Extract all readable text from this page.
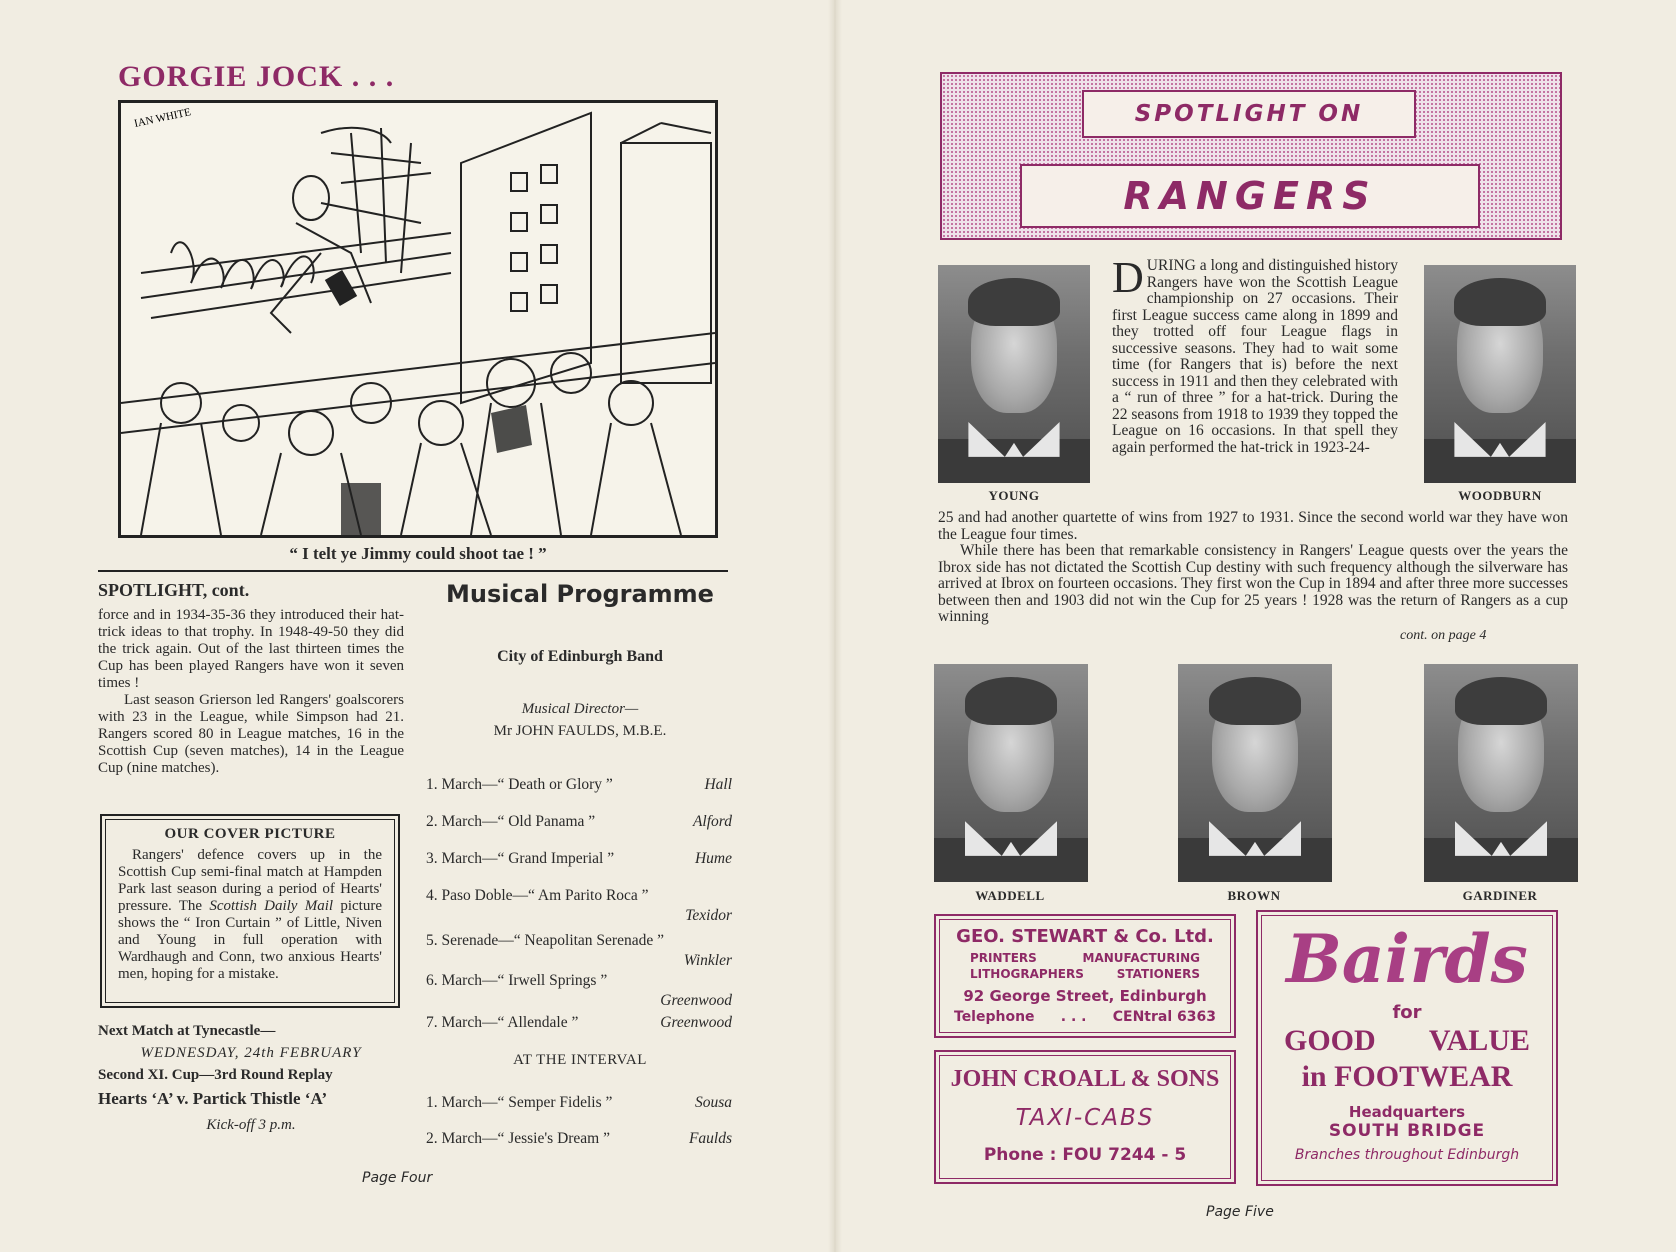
GORGIE JOCK . . .
IAN WHITE
“ I telt ye Jimmy could shoot tae ! ”
SPOTLIGHT, cont.
force and in 1934-35-36 they introduced their hat-trick ideas to that trophy. In 1948-49-50 they did the trick again. Out of the last thirteen times the Cup has been played Rangers have won it seven times !
Last season Grierson led Rangers' goalscorers with 23 in the League, while Simpson had 21. Rangers scored 80 in League matches, 16 in the Scottish Cup (seven matches), 14 in the League Cup (nine matches).
OUR COVER PICTURE
Rangers' defence covers up in the Scottish Cup semi-final match at Hampden Park last season during a period of Hearts' pressure. The Scottish Daily Mail picture shows the “ Iron Curtain ” of Little, Niven and Young in full operation with Wardhaugh and Conn, two anxious Hearts' men, hoping for a mistake.
Next Match at Tynecastle—
WEDNESDAY, 24th FEBRUARY
Second XI. Cup—3rd Round Replay
Hearts ‘A’ v. Partick Thistle ‘A’
Kick-off 3 p.m.
Musical Programme
City of Edinburgh Band
Musical Director—
Mr JOHN FAULDS, M.B.E.
1. March—“ Death or Glory ”	Hall
2. March—“ Old Panama ”	Alford
3. March—“ Grand Imperial ”	Hume
4. Paso Doble—“ Am Parito Roca ”
Texidor
5. Serenade—“ Neapolitan Serenade ”
Winkler
6. March—“ Irwell Springs ”
Greenwood
7. March—“ Allendale ”	Greenwood
AT THE INTERVAL
1. March—“ Semper Fidelis ”	Sousa
2. March—“ Jessie's Dream ”	Faulds
Page Four
SPOTLIGHT ON
RANGERS
YOUNG	WOODBURN
DURING a long and distinguished history Rangers have won the Scottish League championship on 27 occasions. Their first League success came along in 1899 and they trotted off four League flags in successive seasons. They had to wait some time (for Rangers that is) before the next success in 1911 and then they celebrated with a “ run of three ” for a hat-trick. During the 22 seasons from 1918 to 1939 they topped the League on 16 occasions. In that spell they again performed the hat-trick in 1923-24-

25 and had another quartette of wins from 1927 to 1931. Since the second world war they have won the League four times.

While there has been that remarkable consistency in Rangers' League quests over the years the Ibrox side has not dictated the Scottish Cup destiny with such frequency although the silverware has arrived at Ibrox on fourteen occasions. They first won the Cup in 1894 and after three more successes between then and 1903 did not win the Cup for 25 years ! 1928 was the return of Rangers as a cup winning

cont. on page 4
WADDELL	BROWN	GARDINER
GEO. STEWART & Co. Ltd.
PRINTERS	MANUFACTURING
LITHOGRAPHERS	STATIONERS
92 George Street, Edinburgh
Telephone . . . CENtral 6363
JOHN CROALL & SONS
TAXI-CABS
Phone : FOU 7244 - 5
Bairds
for
GOOD VALUE
in FOOTWEAR
Headquarters
SOUTH BRIDGE
Branches throughout Edinburgh
Page Five
